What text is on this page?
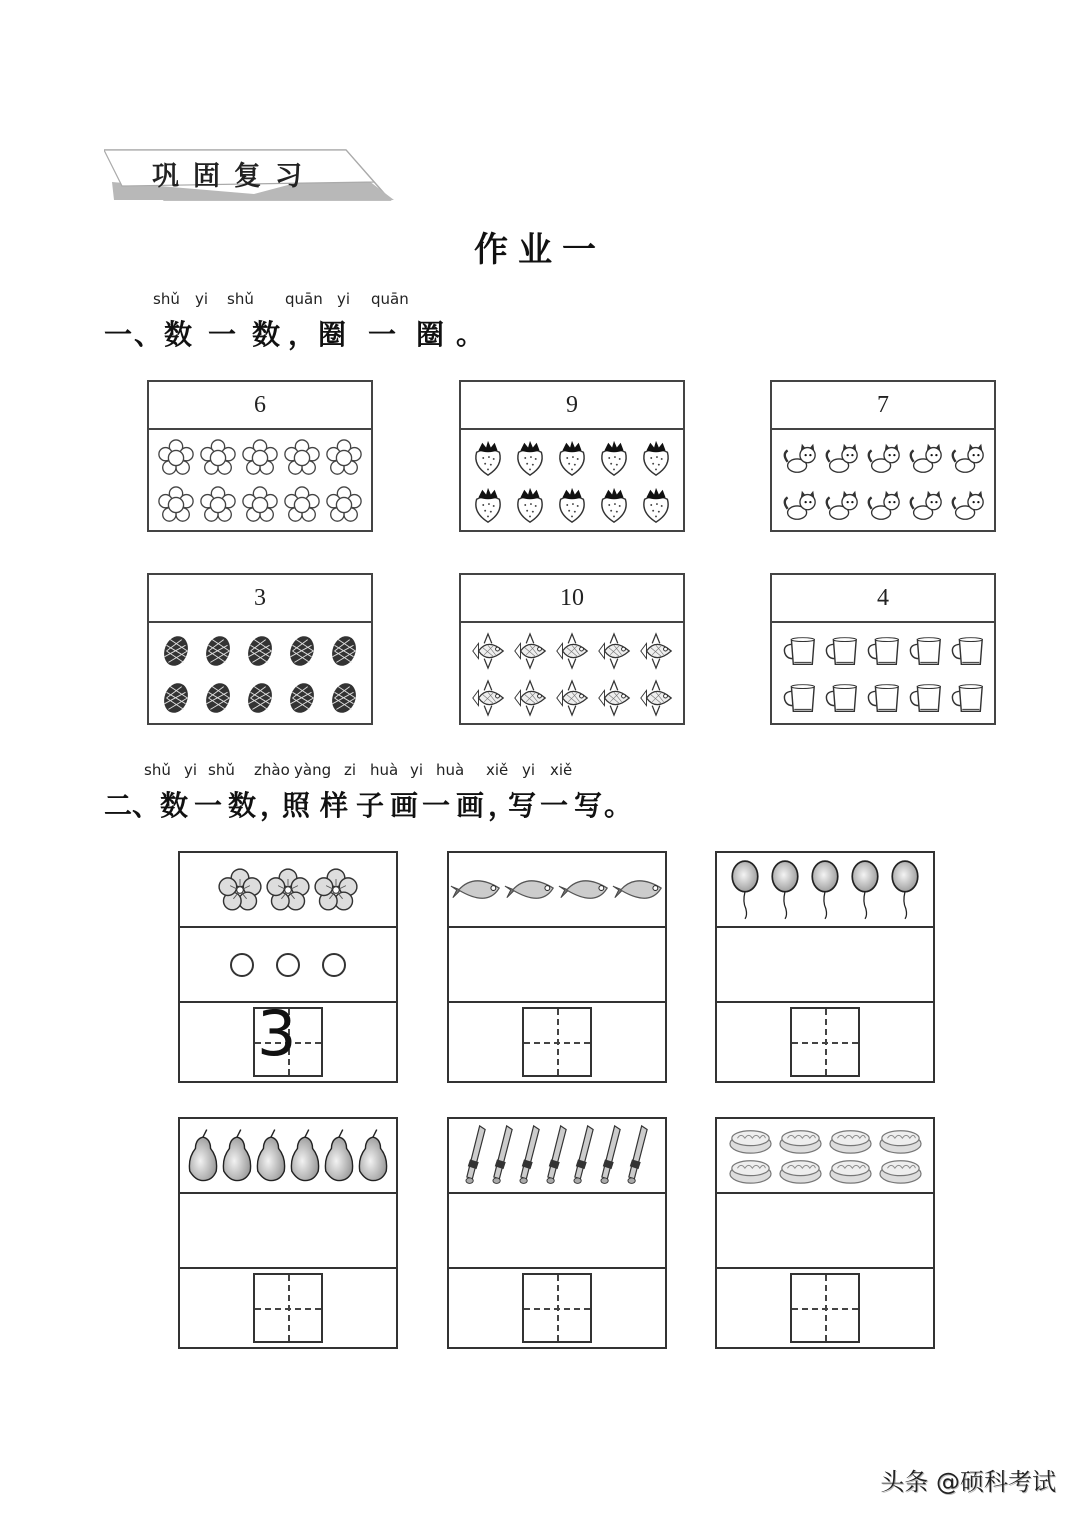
巩固复习
作业一
shǔ yi shǔ quān yi quān
一、数 一 数 ，圈 一 圈 。
6	9	7
3	10	4
shǔ yi shǔ zhào yàng zi huà yi huà xiě yi xiě
二、数 一 数 ，照 样 子 画 一 画 ，写 一 写。
3
头条 @硕科考试
